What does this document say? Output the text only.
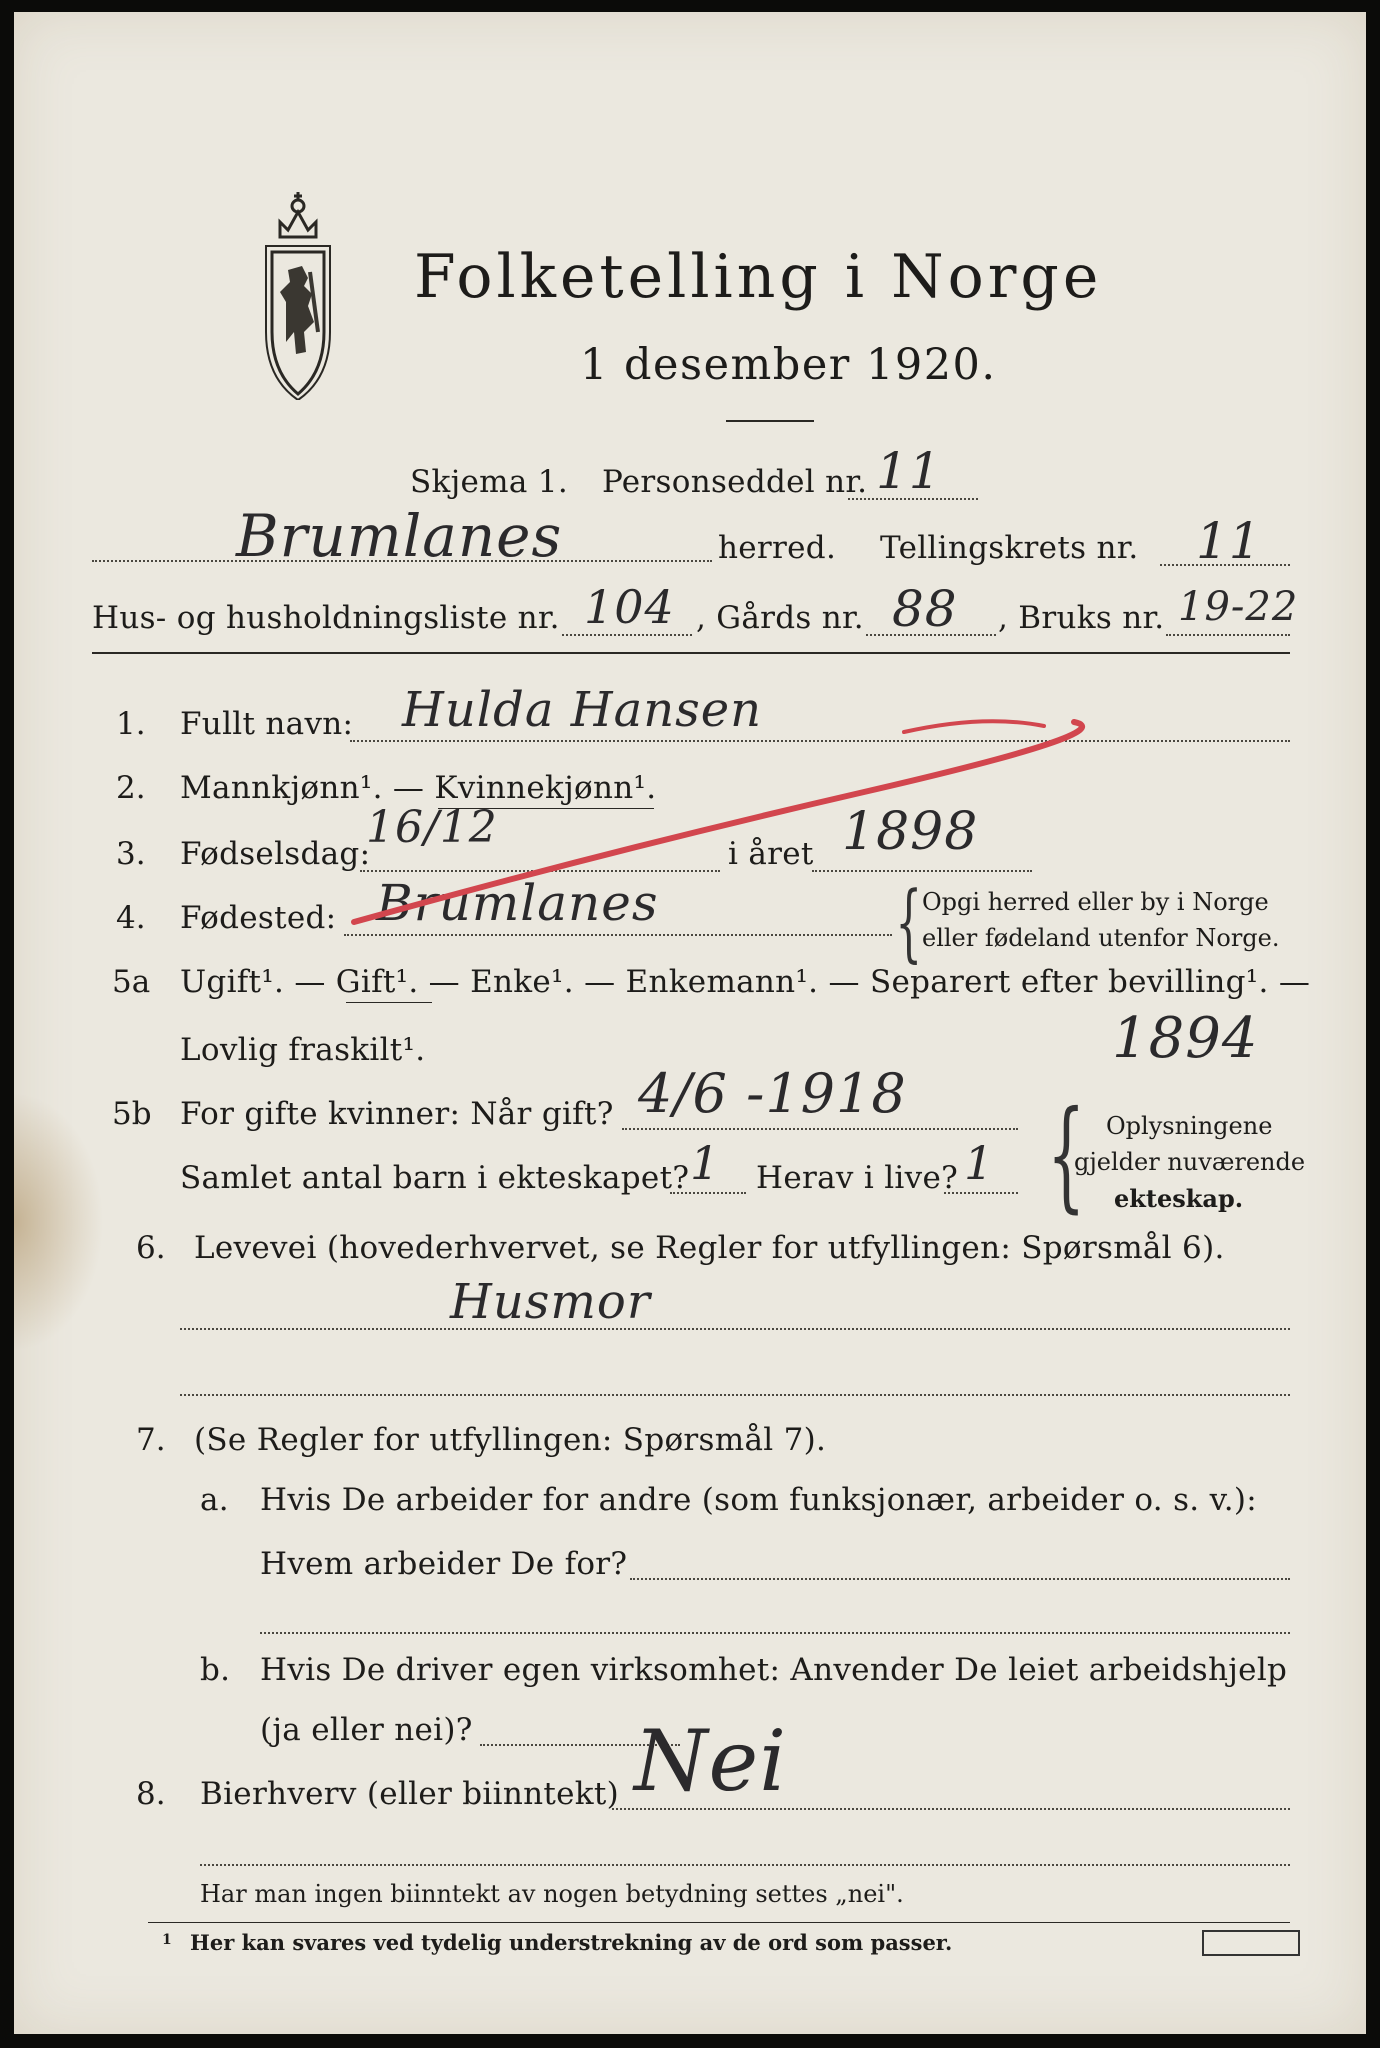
Folketelling i Norge
1 desember 1920.
Skjema 1. Personseddel nr. 11
Brumlanes	herred. Tellingskrets nr. 11
Hus- og husholdningsliste nr. 104 , Gårds nr. 88 , Bruks nr. 19-22
1. Fullt navn: Hulda Hansen
2. Mannkjønn¹. — Kvinnekjønn¹.
3. Fødselsdag:
16/12
i året 1898
4. Fødested: Brumlanes	{ Opgi herred eller by i Norge
eller fødeland utenfor Norge.
5a Ugift¹. — Gift¹. — Enke¹. — Enkemann¹. — Separert efter bevilling¹. —
Lovlig fraskilt¹.	1894
5b For gifte kvinner: Når gift? 4/6 -1918
Samlet antal barn i ekteskapet? 1 Herav i live? 1 { Oplysningene
gjelder nuværende
ekteskap.
6. Levevei (hovederhvervet, se Regler for utfyllingen: Spørsmål 6).
Husmor
7. (Se Regler for utfyllingen: Spørsmål 7).
a. Hvis De arbeider for andre (som funksjonær, arbeider o. s. v.):
Hvem arbeider De for?
b. Hvis De driver egen virksomhet: Anvender De leiet arbeidshjelp
(ja eller nei)?
8. Bierhverv (eller biinntekt) Nei
Har man ingen biinntekt av nogen betydning settes „nei".
1 Her kan svares ved tydelig understrekning av de ord som passer.
